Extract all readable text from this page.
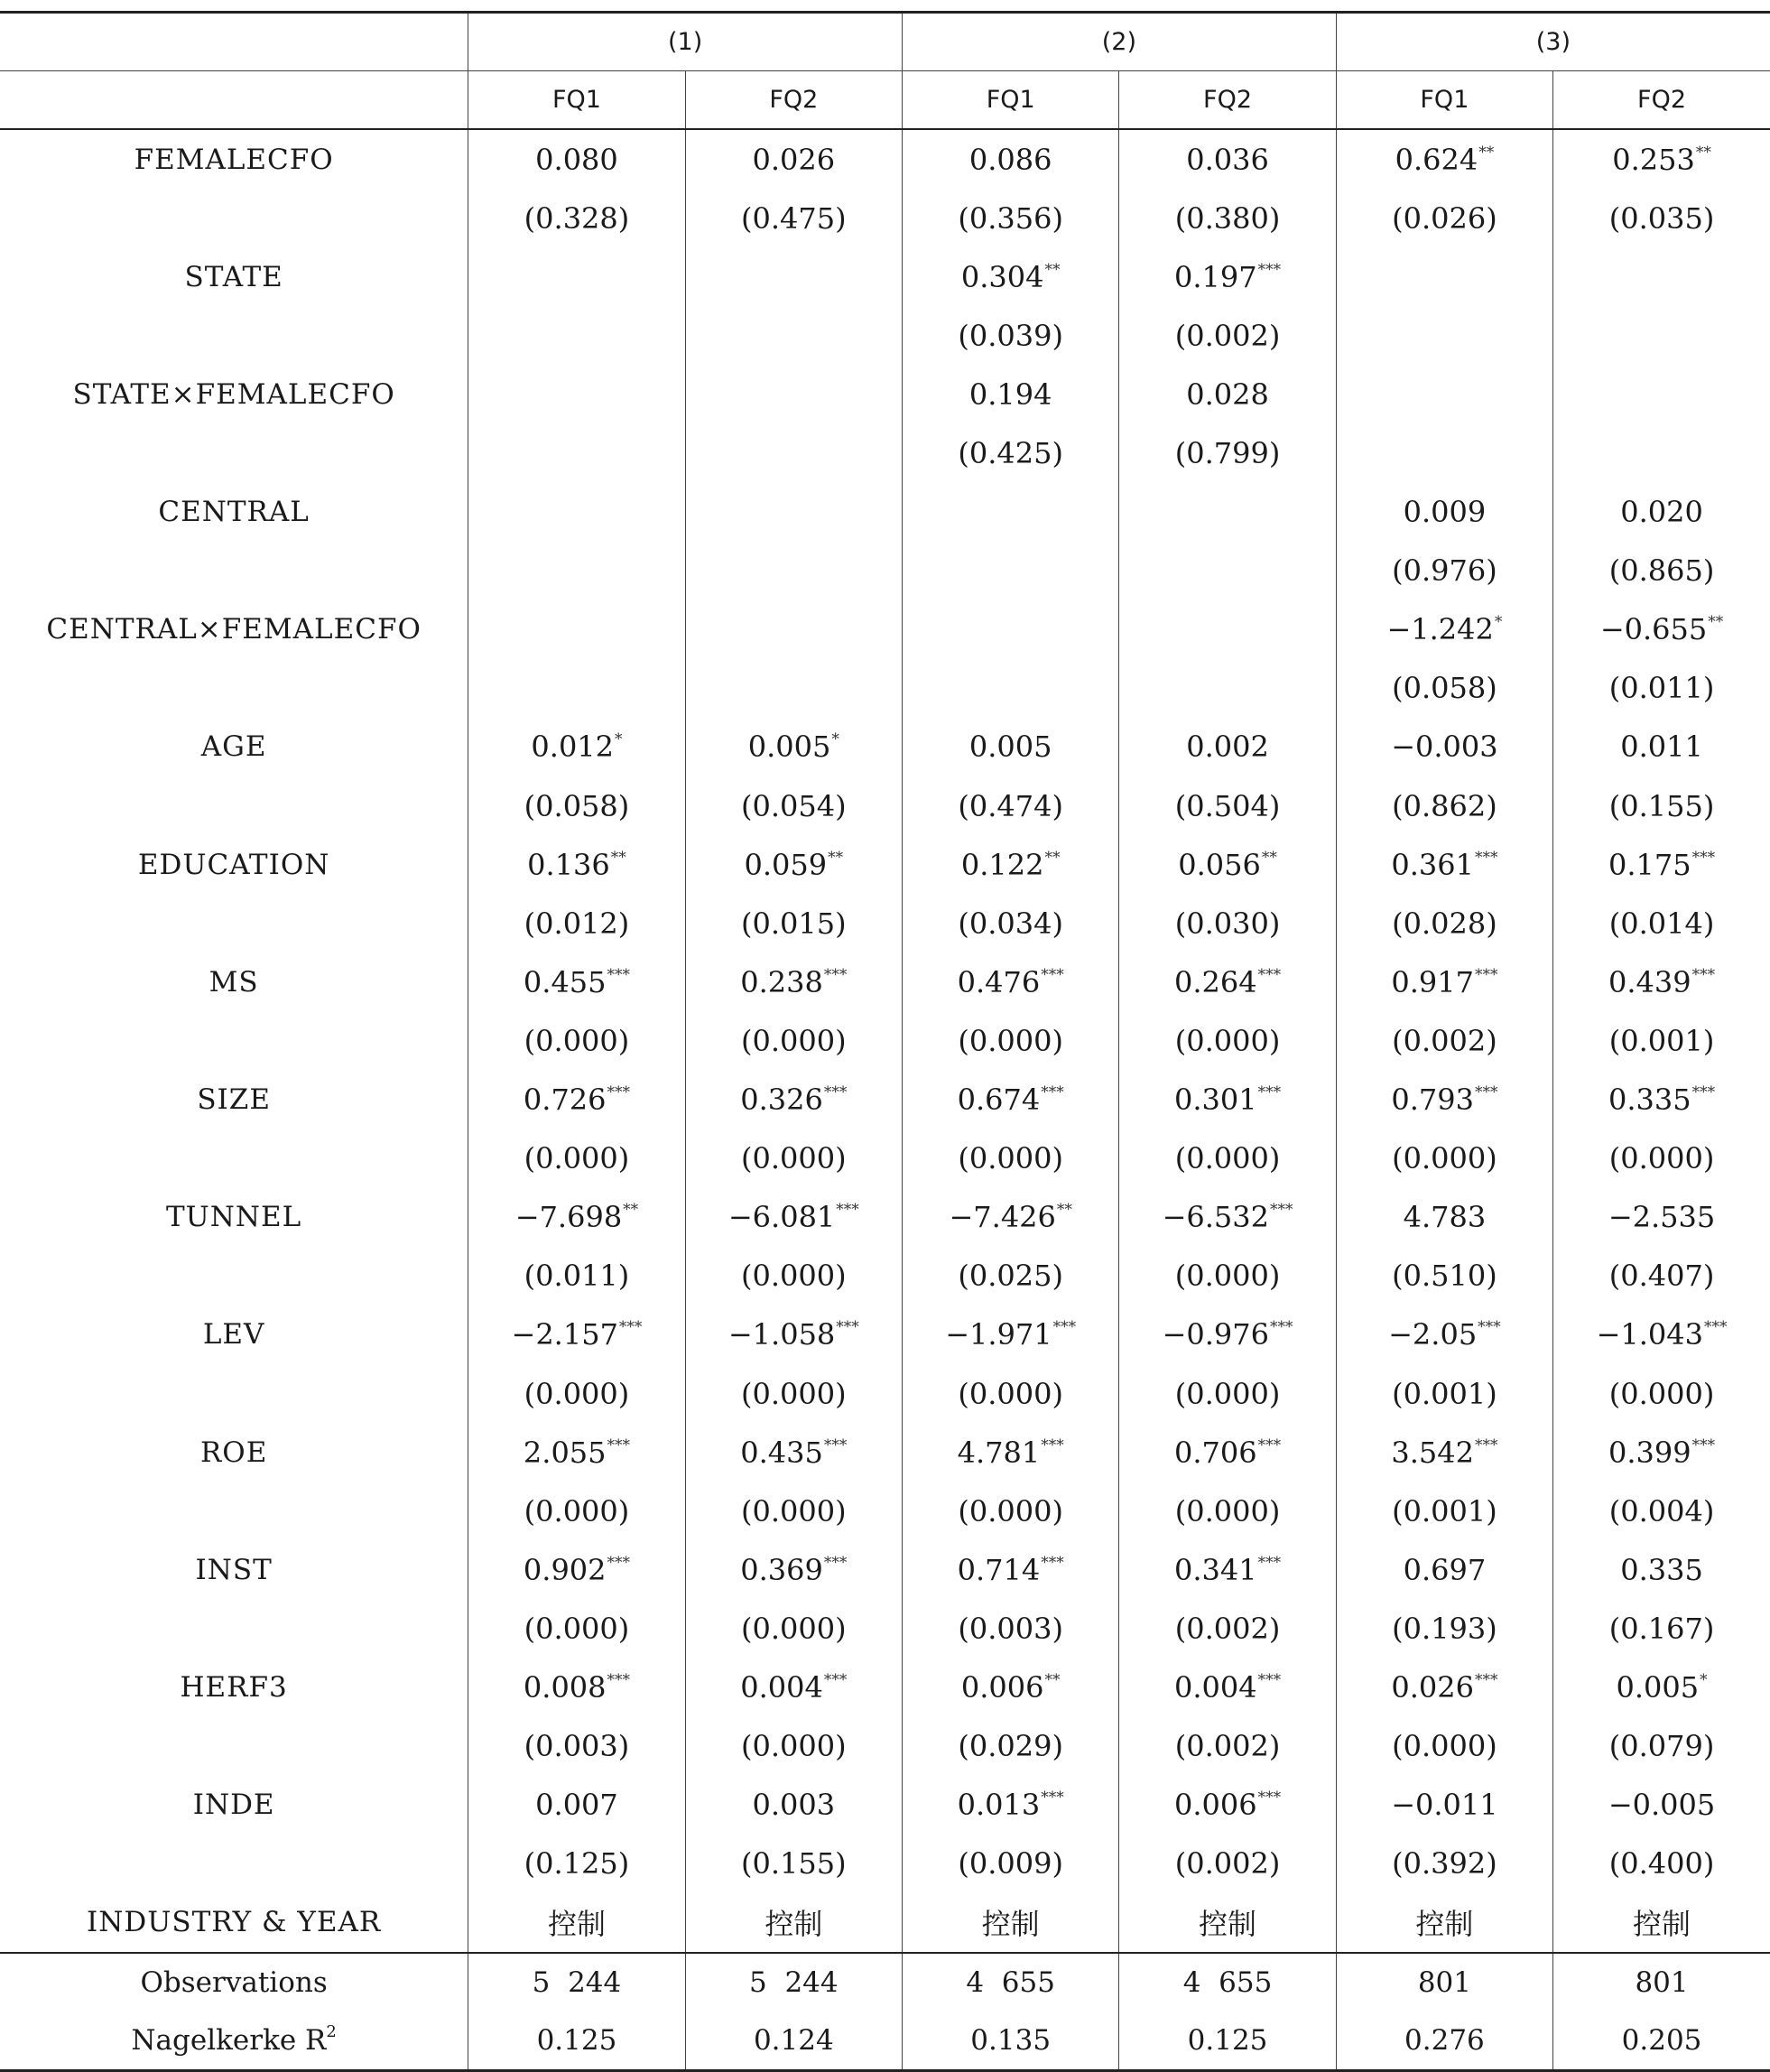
	(1)		(2)		(3)	
	FQ1	FQ2	FQ1	FQ2	FQ1	FQ2
FEMALECFO	0.080	0.026	0.086	0.036	0.624**	0.253**
	(0.328)	(0.475)	(0.356)	(0.380)	(0.026)	(0.035)
STATE			0.304**	0.197***		
			(0.039)	(0.002)		
STATE×FEMALECFO			0.194	0.028		
			(0.425)	(0.799)		
CENTRAL					0.009	0.020
					(0.976)	(0.865)
CENTRAL×FEMALECFO					−1.242*	−0.655**
					(0.058)	(0.011)
AGE	0.012*	0.005*	0.005	0.002	−0.003	0.011
	(0.058)	(0.054)	(0.474)	(0.504)	(0.862)	(0.155)
EDUCATION	0.136**	0.059**	0.122**	0.056**	0.361***	0.175***
	(0.012)	(0.015)	(0.034)	(0.030)	(0.028)	(0.014)
MS	0.455***	0.238***	0.476***	0.264***	0.917***	0.439***
	(0.000)	(0.000)	(0.000)	(0.000)	(0.002)	(0.001)
SIZE	0.726***	0.326***	0.674***	0.301***	0.793***	0.335***
	(0.000)	(0.000)	(0.000)	(0.000)	(0.000)	(0.000)
TUNNEL	−7.698**	−6.081***	−7.426**	−6.532***	4.783	−2.535
	(0.011)	(0.000)	(0.025)	(0.000)	(0.510)	(0.407)
LEV	−2.157***	−1.058***	−1.971***	−0.976***	−2.05***	−1.043***
	(0.000)	(0.000)	(0.000)	(0.000)	(0.001)	(0.000)
ROE	2.055***	0.435***	4.781***	0.706***	3.542***	0.399***
	(0.000)	(0.000)	(0.000)	(0.000)	(0.001)	(0.004)
INST	0.902***	0.369***	0.714***	0.341***	0.697	0.335
	(0.000)	(0.000)	(0.003)	(0.002)	(0.193)	(0.167)
HERF3	0.008***	0.004***	0.006**	0.004***	0.026***	0.005*
	(0.003)	(0.000)	(0.029)	(0.002)	(0.000)	(0.079)
INDE	0.007	0.003	0.013***	0.006***	−0.011	−0.005
	(0.125)	(0.155)	(0.009)	(0.002)	(0.392)	(0.400)
INDUSTRY & YEAR	控制	控制	控制	控制	控制	控制
Observations	5  244	5  244	4  655	4  655	801	801
Nagelkerke $R^2$	0.125	0.124	0.135	0.125	0.276	0.205
